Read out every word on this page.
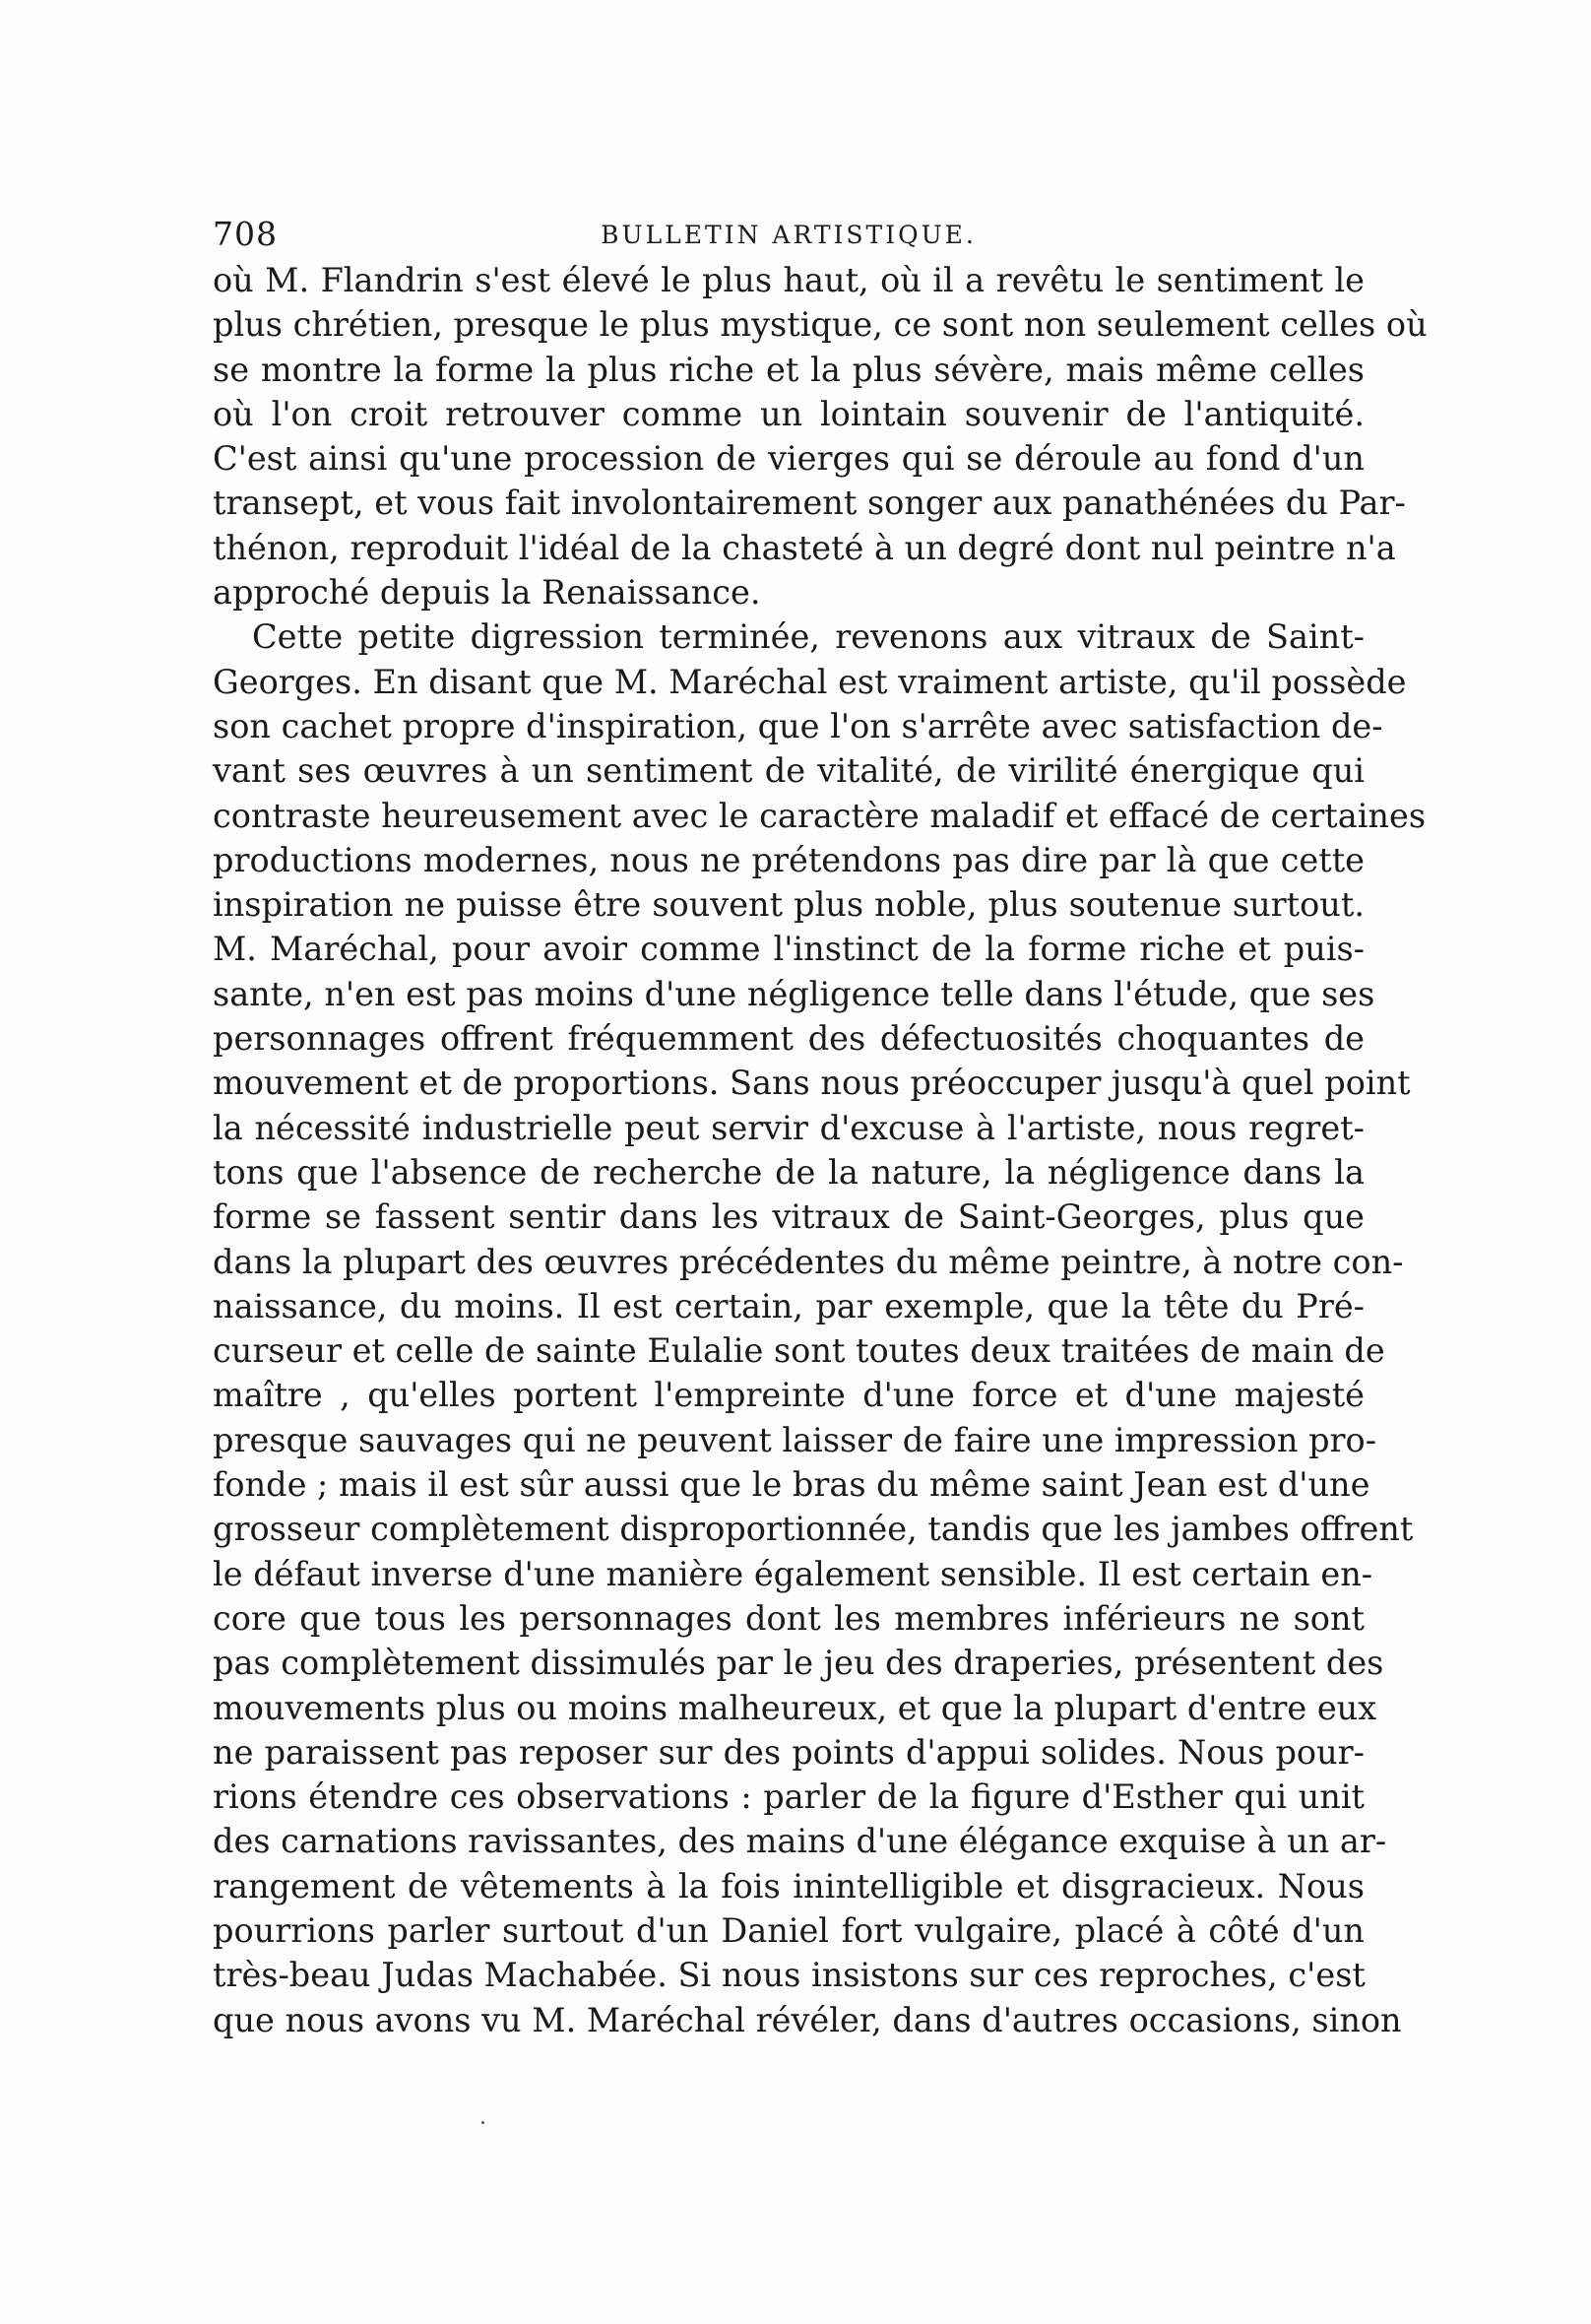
708	BULLETIN ARTISTIQUE.
où M. Flandrin s'est élevé le plus haut, où il a revêtu le sentiment le
plus chrétien, presque le plus mystique, ce sont non seulement celles où
se montre la forme la plus riche et la plus sévère, mais même celles
où l'on croit retrouver comme un lointain souvenir de l'antiquité.
C'est ainsi qu'une procession de vierges qui se déroule au fond d'un
transept, et vous fait involontairement songer aux panathénées du Par-
thénon, reproduit l'idéal de la chasteté à un degré dont nul peintre n'a
approché depuis la Renaissance.
Cette petite digression terminée, revenons aux vitraux de Saint-
Georges. En disant que M. Maréchal est vraiment artiste, qu'il possède
son cachet propre d'inspiration, que l'on s'arrête avec satisfaction de-
vant ses œuvres à un sentiment de vitalité, de virilité énergique qui
contraste heureusement avec le caractère maladif et effacé de certaines
productions modernes, nous ne prétendons pas dire par là que cette
inspiration ne puisse être souvent plus noble, plus soutenue surtout.
M. Maréchal, pour avoir comme l'instinct de la forme riche et puis-
sante, n'en est pas moins d'une négligence telle dans l'étude, que ses
personnages offrent fréquemment des défectuosités choquantes de
mouvement et de proportions. Sans nous préoccuper jusqu'à quel point
la nécessité industrielle peut servir d'excuse à l'artiste, nous regret-
tons que l'absence de recherche de la nature, la négligence dans la
forme se fassent sentir dans les vitraux de Saint-Georges, plus que
dans la plupart des œuvres précédentes du même peintre, à notre con-
naissance, du moins. Il est certain, par exemple, que la tête du Pré-
curseur et celle de sainte Eulalie sont toutes deux traitées de main de
maître , qu'elles portent l'empreinte d'une force et d'une majesté
presque sauvages qui ne peuvent laisser de faire une impression pro-
fonde ; mais il est sûr aussi que le bras du même saint Jean est d'une
grosseur complètement disproportionnée, tandis que les jambes offrent
le défaut inverse d'une manière également sensible. Il est certain en-
core que tous les personnages dont les membres inférieurs ne sont
pas complètement dissimulés par le jeu des draperies, présentent des
mouvements plus ou moins malheureux, et que la plupart d'entre eux
ne paraissent pas reposer sur des points d'appui solides. Nous pour-
rions étendre ces observations : parler de la figure d'Esther qui unit
des carnations ravissantes, des mains d'une élégance exquise à un ar-
rangement de vêtements à la fois inintelligible et disgracieux. Nous
pourrions parler surtout d'un Daniel fort vulgaire, placé à côté d'un
très-beau Judas Machabée. Si nous insistons sur ces reproches, c'est
que nous avons vu M. Maréchal révéler, dans d'autres occasions, sinon
